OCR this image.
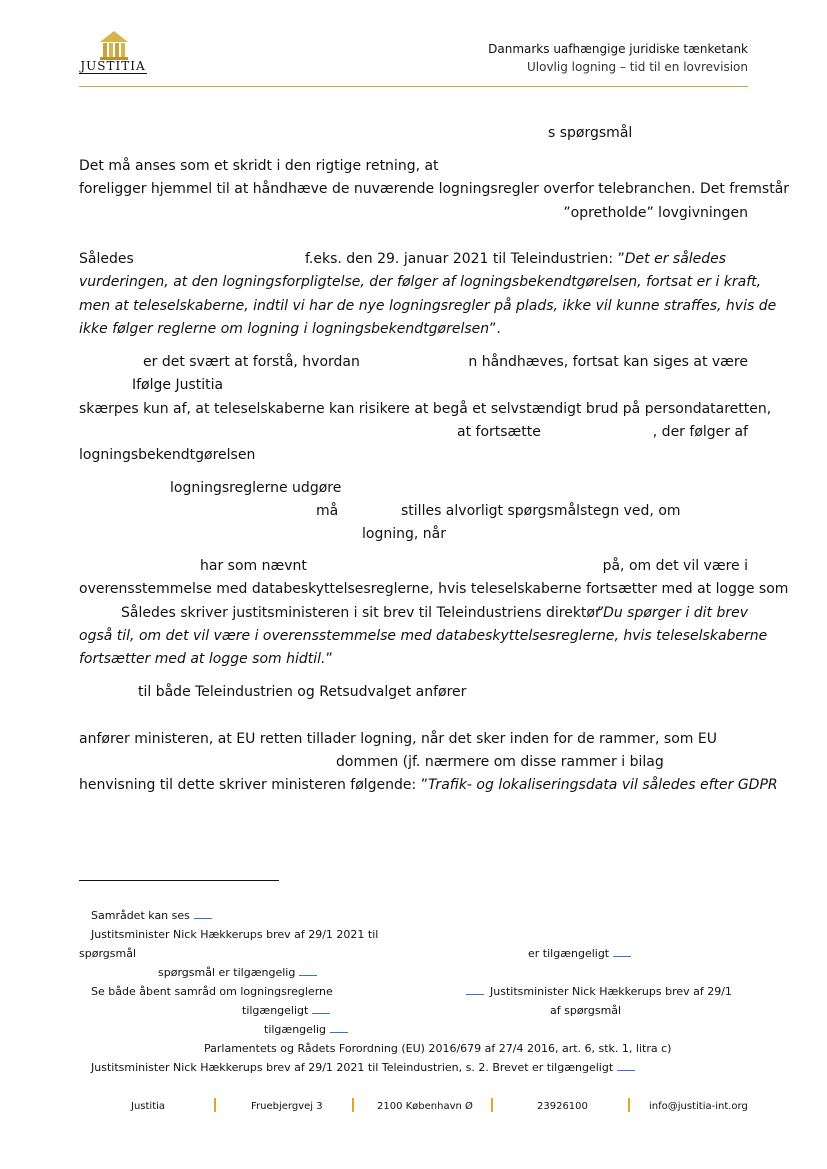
JUSTITIA
Danmarks uafhængige juridiske tænketank
Ulovlig logning – tid til en lovrevision
s spørgsmål
Det må anses som et skridt i den rigtige retning, at
foreligger hjemmel til at håndhæve de nuværende logningsregler overfor telebranchen. Det fremstår
”opretholde” lovgivningen
Således	f.eks. den 29. januar 2021 til Teleindustrien: ”Det er således
vurderingen, at den logningsforpligtelse, der følger af logningsbekendtgørelsen, fortsat er i kraft,
men at teleselskaberne, indtil vi har de nye logningsregler på plads, ikke vil kunne straffes, hvis de
ikke følger reglerne om logning i logningsbekendtgørelsen”.
er det svært at forstå, hvordan	n håndhæves, fortsat kan siges at være
Ifølge Justitia
skærpes kun af, at teleselskaberne kan risikere at begå et selvstændigt brud på persondataretten,
at fortsætte	, der følger af
logningsbekendtgørelsen
logningsreglerne udgøre
må	stilles alvorligt spørgsmålstegn ved, om
logning, når
har som nævnt	på, om det vil være i
overensstemmelse med databeskyttelsesreglerne, hvis teleselskaberne fortsætter med at logge som
Således skriver justitsministeren i sit brev til Teleindustriens direktør
”Du spørger i dit brev
også til, om det vil være i overensstemmelse med databeskyttelsesreglerne, hvis teleselskaberne
fortsætter med at logge som hidtil.”
til både Teleindustrien og Retsudvalget anfører
anfører ministeren, at EU retten tillader logning, når det sker inden for de rammer, som EU
dommen (jf. nærmere om disse rammer i bilag
henvisning til dette skriver ministeren følgende: ”Trafik- og lokaliseringsdata vil således efter GDPR
Samrådet kan ses
Justitsminister Nick Hækkerups brev af 29/1 2021 til
spørgsmål	er tilgængeligt
spørgsmål er tilgængelig
Se både åbent samråd om logningsreglerne	Justitsminister Nick Hækkerups brev af 29/1
tilgængeligt	af spørgsmål
tilgængelig
Parlamentets og Rådets Forordning (EU) 2016/679 af 27/4 2016, art. 6, stk. 1, litra c)
Justitsminister Nick Hækkerups brev af 29/1 2021 til Teleindustrien, s. 2. Brevet er tilgængeligt
Justitia	Fruebjergvej 3	2100 København Ø	23926100	info@justitia-int.org
